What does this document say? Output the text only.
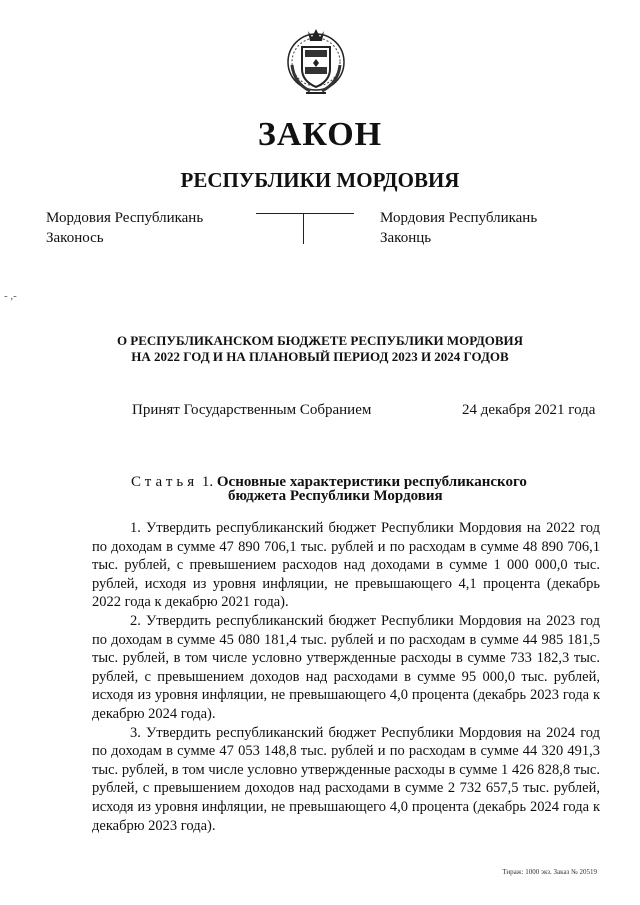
ЗАКОН
РЕСПУБЛИКИ МОРДОВИЯ
Мордовия Республикань
Законось
Мордовия Республикань
Законць
- ,-
О РЕСПУБЛИКАНСКОМ БЮДЖЕТЕ РЕСПУБЛИКИ МОРДОВИЯ
НА 2022 ГОД И НА ПЛАНОВЫЙ ПЕРИОД 2023 И 2024 ГОДОВ
Принят Государственным Собранием	24 декабря 2021 года
Статья 1. Основные характеристики республиканского
бюджета Республики Мордовия

1. Утвердить республиканский бюджет Республики Мордовия на 2022 год по доходам в сумме 47 890 706,1 тыс. рублей и по расходам в сумме 48 890 706,1 тыс. рублей, с превышением расходов над доходами в сумме 1 000 000,0 тыс. рублей, исходя из уровня инфляции, не превышающего 4,1 процента (декабрь 2022 года к декабрю 2021 года).

2. Утвердить республиканский бюджет Республики Мордовия на 2023 год по доходам в сумме 45 080 181,4 тыс. рублей и по расходам в сумме 44 985 181,5 тыс. рублей, в том числе условно утвержденные расходы в сумме 733 182,3 тыс. рублей, с превышением доходов над расходами в сумме 95 000,0 тыс. рублей, исходя из уровня инфляции, не превышающего 4,0 процента (декабрь 2023 года к декабрю 2024 года).

3. Утвердить республиканский бюджет Республики Мордовия на 2024 год по доходам в сумме 47 053 148,8 тыс. рублей и по расходам в сумме 44 320 491,3 тыс. рублей, в том числе условно утвержденные расходы в сумме 1 426 828,8 тыс. рублей, с превышением доходов над расходами в сумме 2 732 657,5 тыс. рублей, исходя из уровня инфляции, не превышающего 4,0 процента (декабрь 2024 года к декабрю 2023 года).

Тираж: 1000 экз. Заказ № 20519
